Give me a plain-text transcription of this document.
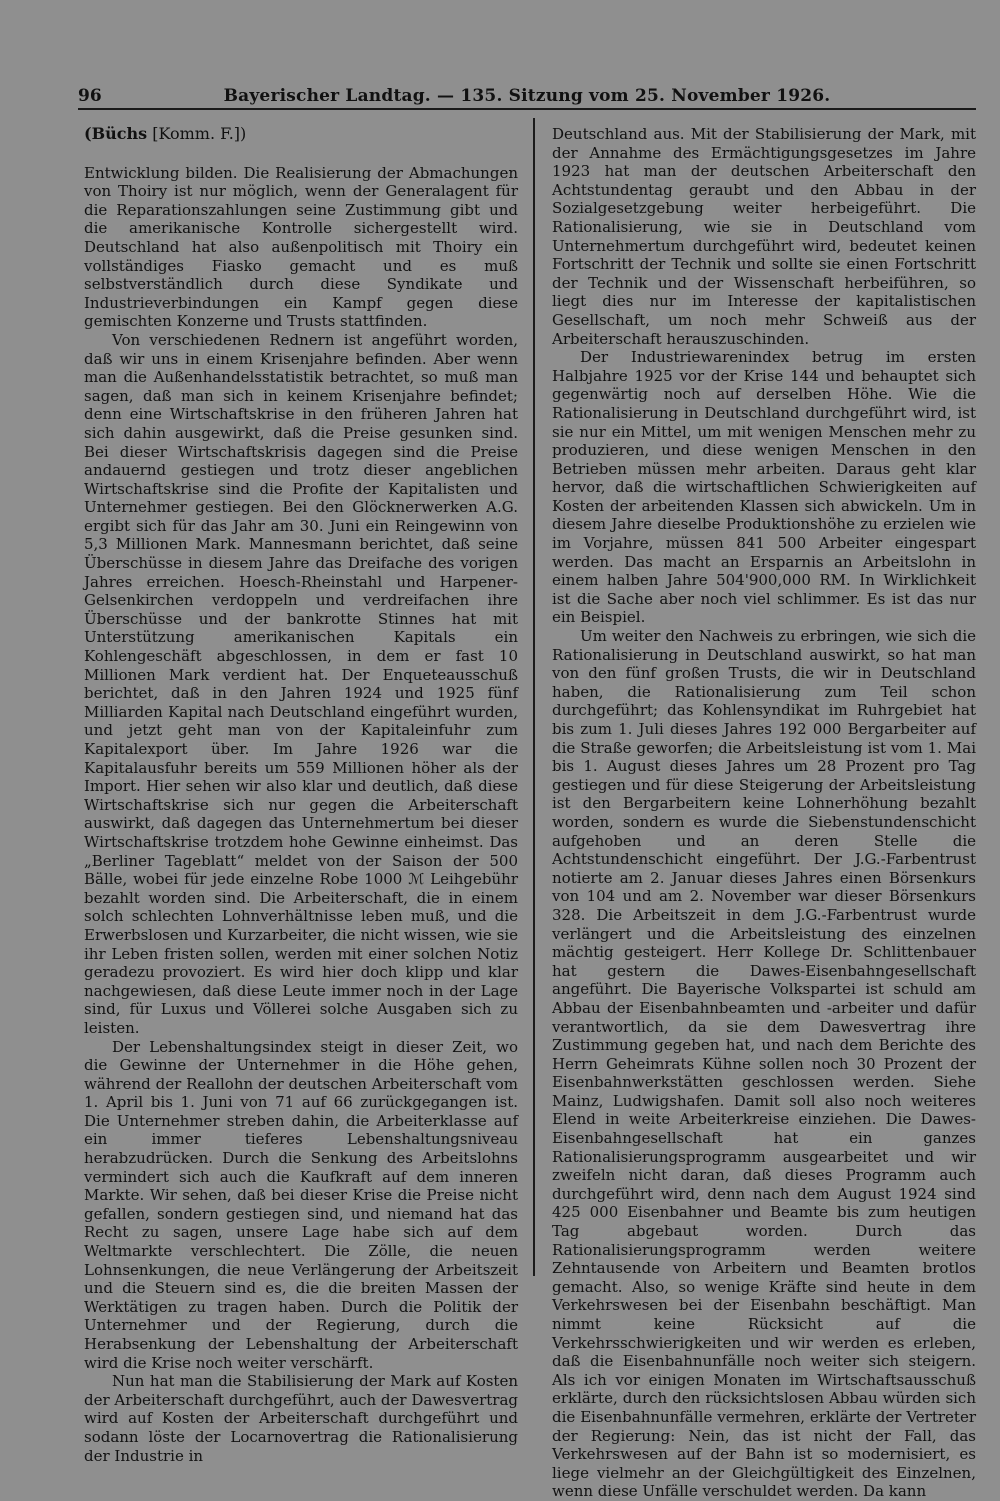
96	Bayerischer Landtag. — 135. Sitzung vom 25. November 1926.
(Büchs [Komm. F.])

Entwicklung bilden. Die Realisierung der Abmachungen von Thoiry ist nur möglich, wenn der Generalagent für die Reparationszahlungen seine Zustimmung gibt und die amerikanische Kontrolle sichergestellt wird. Deutschland hat also außenpolitisch mit Thoiry ein vollständiges Fiasko gemacht und es muß selbstverständlich durch diese Syndikate und Industrieverbindungen ein Kampf gegen diese gemischten Konzerne und Trusts stattfinden.

Von verschiedenen Rednern ist angeführt worden, daß wir uns in einem Krisenjahre befinden. Aber wenn man die Außenhandelsstatistik betrachtet, so muß man sagen, daß man sich in keinem Krisenjahre befindet; denn eine Wirtschaftskrise in den früheren Jahren hat sich dahin ausgewirkt, daß die Preise gesunken sind. Bei dieser Wirtschaftskrisis dagegen sind die Preise andauernd gestiegen und trotz dieser angeblichen Wirtschaftskrise sind die Profite der Kapitalisten und Unternehmer gestiegen. Bei den Glöcknerwerken A.G. ergibt sich für das Jahr am 30. Juni ein Reingewinn von 5,3 Millionen Mark. Mannesmann berichtet, daß seine Überschüsse in diesem Jahre das Dreifache des vorigen Jahres erreichen. Hoesch-Rheinstahl und Harpener-Gelsenkirchen verdoppeln und verdreifachen ihre Überschüsse und der bankrotte Stinnes hat mit Unterstützung amerikanischen Kapitals ein Kohlengeschäft abgeschlossen, in dem er fast 10 Millionen Mark verdient hat. Der Enqueteausschuß berichtet, daß in den Jahren 1924 und 1925 fünf Milliarden Kapital nach Deutschland eingeführt wurden, und jetzt geht man von der Kapitaleinfuhr zum Kapitalexport über. Im Jahre 1926 war die Kapitalausfuhr bereits um 559 Millionen höher als der Import. Hier sehen wir also klar und deutlich, daß diese Wirtschaftskrise sich nur gegen die Arbeiterschaft auswirkt, daß dagegen das Unternehmertum bei dieser Wirtschaftskrise trotzdem hohe Gewinne einheimst. Das „Berliner Tageblatt“ meldet von der Saison der 500 Bälle, wobei für jede einzelne Robe 1000 ℳ Leihgebühr bezahlt worden sind. Die Arbeiterschaft, die in einem solch schlechten Lohnverhältnisse leben muß, und die Erwerbslosen und Kurzarbeiter, die nicht wissen, wie sie ihr Leben fristen sollen, werden mit einer solchen Notiz geradezu provoziert. Es wird hier doch klipp und klar nachgewiesen, daß diese Leute immer noch in der Lage sind, für Luxus und Völlerei solche Ausgaben sich zu leisten.

Der Lebenshaltungsindex steigt in dieser Zeit, wo die Gewinne der Unternehmer in die Höhe gehen, während der Reallohn der deutschen Arbeiterschaft vom 1. April bis 1. Juni von 71 auf 66 zurückgegangen ist. Die Unternehmer streben dahin, die Arbeiterklasse auf ein immer tieferes Lebenshaltungsniveau herabzudrücken. Durch die Senkung des Arbeitslohns vermindert sich auch die Kaufkraft auf dem inneren Markte. Wir sehen, daß bei dieser Krise die Preise nicht gefallen, sondern gestiegen sind, und niemand hat das Recht zu sagen, unsere Lage habe sich auf dem Weltmarkte verschlechtert. Die Zölle, die neuen Lohnsenkungen, die neue Verlängerung der Arbeitszeit und die Steuern sind es, die die breiten Massen der Werktätigen zu tragen haben. Durch die Politik der Unternehmer und der Regierung, durch die Herabsenkung der Lebenshaltung der Arbeiterschaft wird die Krise noch weiter verschärft.

Nun hat man die Stabilisierung der Mark auf Kosten der Arbeiterschaft durchgeführt, auch der Dawesvertrag wird auf Kosten der Arbeiterschaft durchgeführt und sodann löste der Locarnovertrag die Rationalisierung der Industrie in

Deutschland aus. Mit der Stabilisierung der Mark, mit der Annahme des Ermächtigungsgesetzes im Jahre 1923 hat man der deutschen Arbeiterschaft den Achtstundentag geraubt und den Abbau in der Sozialgesetzgebung weiter herbeigeführt. Die Rationalisierung, wie sie in Deutschland vom Unternehmertum durchgeführt wird, bedeutet keinen Fortschritt der Technik und sollte sie einen Fortschritt der Technik und der Wissenschaft herbeiführen, so liegt dies nur im Interesse der kapitalistischen Gesellschaft, um noch mehr Schweiß aus der Arbeiterschaft herauszuschinden.

Der Industriewarenindex betrug im ersten Halbjahre 1925 vor der Krise 144 und behauptet sich gegenwärtig noch auf derselben Höhe. Wie die Rationalisierung in Deutschland durchgeführt wird, ist sie nur ein Mittel, um mit wenigen Menschen mehr zu produzieren, und diese wenigen Menschen in den Betrieben müssen mehr arbeiten. Daraus geht klar hervor, daß die wirtschaftlichen Schwierigkeiten auf Kosten der arbeitenden Klassen sich abwickeln. Um in diesem Jahre dieselbe Produktionshöhe zu erzielen wie im Vorjahre, müssen 841 500 Arbeiter eingespart werden. Das macht an Ersparnis an Arbeitslohn in einem halben Jahre 504'900,000 RM. In Wirklichkeit ist die Sache aber noch viel schlimmer. Es ist das nur ein Beispiel.

Um weiter den Nachweis zu erbringen, wie sich die Rationalisierung in Deutschland auswirkt, so hat man von den fünf großen Trusts, die wir in Deutschland haben, die Rationalisierung zum Teil schon durchgeführt; das Kohlensyndikat im Ruhrgebiet hat bis zum 1. Juli dieses Jahres 192 000 Bergarbeiter auf die Straße geworfen; die Arbeitsleistung ist vom 1. Mai bis 1. August dieses Jahres um 28 Prozent pro Tag gestiegen und für diese Steigerung der Arbeitsleistung ist den Bergarbeitern keine Lohnerhöhung bezahlt worden, sondern es wurde die Siebenstundenschicht aufgehoben und an deren Stelle die Achtstundenschicht eingeführt. Der J.G.-Farbentrust notierte am 2. Januar dieses Jahres einen Börsenkurs von 104 und am 2. November war dieser Börsenkurs 328. Die Arbeitszeit in dem J.G.-Farbentrust wurde verlängert und die Arbeitsleistung des einzelnen mächtig gesteigert. Herr Kollege Dr. Schlittenbauer hat gestern die Dawes-Eisenbahngesellschaft angeführt. Die Bayerische Volkspartei ist schuld am Abbau der Eisenbahnbeamten und -arbeiter und dafür verantwortlich, da sie dem Dawesvertrag ihre Zustimmung gegeben hat, und nach dem Berichte des Herrn Geheimrats Kühne sollen noch 30 Prozent der Eisenbahnwerkstätten geschlossen werden. Siehe Mainz, Ludwigshafen. Damit soll also noch weiteres Elend in weite Arbeiterkreise einziehen. Die Dawes-Eisenbahngesellschaft hat ein ganzes Rationalisierungsprogramm ausgearbeitet und wir zweifeln nicht daran, daß dieses Programm auch durchgeführt wird, denn nach dem August 1924 sind 425 000 Eisenbahner und Beamte bis zum heutigen Tag abgebaut worden. Durch das Rationalisierungsprogramm werden weitere Zehntausende von Arbeitern und Beamten brotlos gemacht. Also, so wenige Kräfte sind heute in dem Verkehrswesen bei der Eisenbahn beschäftigt. Man nimmt keine Rücksicht auf die Verkehrsschwierigkeiten und wir werden es erleben, daß die Eisenbahnunfälle noch weiter sich steigern. Als ich vor einigen Monaten im Wirtschaftsausschuß erklärte, durch den rücksichtslosen Abbau würden sich die Eisenbahnunfälle vermehren, erklärte der Vertreter der Regierung: Nein, das ist nicht der Fall, das Verkehrswesen auf der Bahn ist so modernisiert, es liege vielmehr an der Gleichgültigkeit des Einzelnen, wenn diese Unfälle verschuldet werden. Da kann
